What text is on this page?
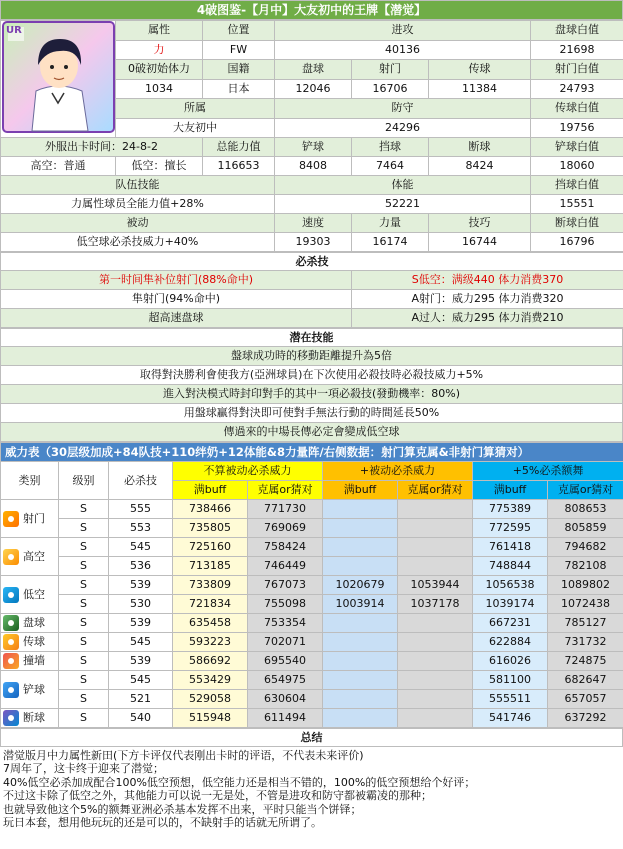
4破图鉴-【月中】大友初中的王牌【潜觉】
UR	属性	位置	进攻			盘球白值
	力	FW	40136			21698
	0破初始体力	国籍	盘球	射门	传球	射门白值
	1034	日本	12046	16706	11384	24793
	所属		防守			传球白值
	大友初中		24296			19756
外服出卡时间：24-8-2		总能力值	铲球	挡球	断球	铲球白值
高空：普通	低空：擅长	116653	8408	7464	8424	18060
队伍技能			体能			挡球白值
力属性球员全能力值+28%			52221			15551
被动			速度	力量	技巧	断球白值
低空球必杀技威力+40%			19303	16174	16744	16796
必杀技	
第一时间隼补位射门(88%命中)	S低空：满级440 体力消费370
隼射门(94%命中)	A射门：威力295 体力消费320
超高速盘球	A过人：威力295 体力消费210
潜在技能
盤球成功時的移動距離提升為5倍
取得對決勝利會使我方(亞洲球員)在下次使用必殺技時必殺技威力+5%
進入對決模式時封印對手的其中一項必殺技(發動機率：80%)
用盤球贏得對決即可使對手無法行動的時間延長50%
傳過來的中場長傳必定會變成低空球
威力表（30层级加成+84队技+110绊奶+12体能&8力量阵/右侧数据：射门算克属&非射门算猜对）								
类别	级别	必杀技	不算被动必杀威力		+被动必杀威力		+5%必杀额舞	
			满buff	克属or猜对	满buff	克属or猜对	满buff	克属or猜对
射门	S	555	738466	771730			775389	808653
	S	553	735805	769069			772595	805859
高空	S	545	725160	758424			761418	794682
	S	536	713185	746449			748844	782108
低空	S	539	733809	767073	1020679	1053944	1056538	1089802
	S	530	721834	755098	1003914	1037178	1039174	1072438
盘球	S	539	635458	753354			667231	785127
传球	S	545	593223	702071			622884	731732
撞墙	S	539	586692	695540			616026	724875
铲球	S	545	553429	654975			581100	682647
	S	521	529058	630604			555511	657057
断球	S	540	515948	611494			541746	637292
总结
潜觉版月中力属性新田(下方卡评仅代表刚出卡时的评语，不代表未来评价)
7周年了，这卡终于迎来了潜觉；
40%低空必杀加成配合100%低空预想，低空能力还是相当不错的，100%的低空预想给个好评；
不过这卡除了低空之外，其他能力可以说一无是处，不管是进攻和防守都被霸凌的那种；
也就导致他这个5%的额舞亚洲必杀基本发挥不出来，平时只能当个饼铎；
玩日本套，想用他玩玩的还是可以的，不缺射手的话就无所谓了。
